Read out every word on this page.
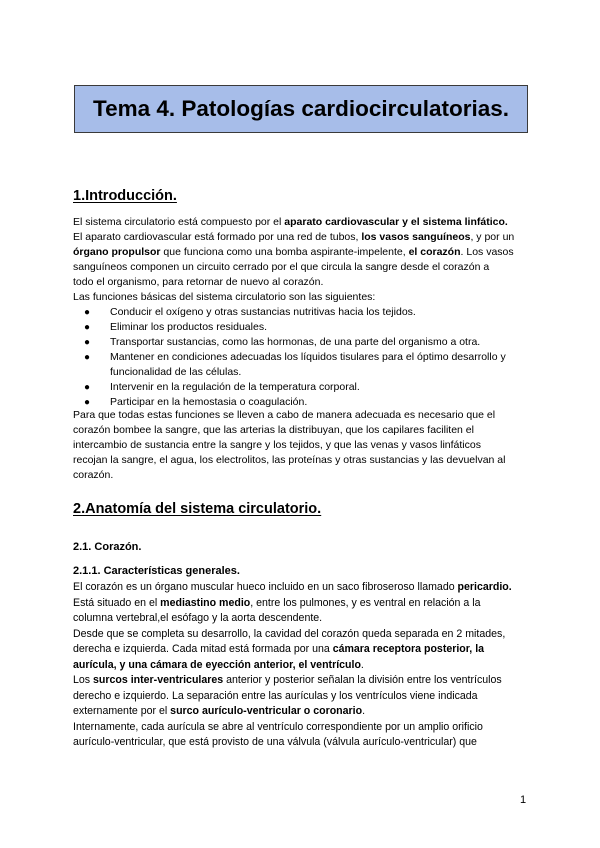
Tema 4. Patologías cardiocirculatorias.
1.Introducción.
El sistema circulatorio está compuesto por el aparato cardiovascular y el sistema linfático.
El aparato cardiovascular está formado por una red de tubos, los vasos sanguíneos, y por un
órgano propulsor que funciona como una bomba aspirante-impelente, el corazón. Los vasos
sanguíneos componen un circuito cerrado por el que circula la sangre desde el corazón a
todo el organismo, para retornar de nuevo al corazón.
Las funciones básicas del sistema circulatorio son las siguientes:
● Conducir el oxígeno y otras sustancias nutritivas hacia los tejidos.
● Eliminar los productos residuales.
● Transportar sustancias, como las hormonas, de una parte del organismo a otra.
● Mantener en condiciones adecuadas los líquidos tisulares para el óptimo desarrollo y
funcionalidad de las células.
● Intervenir en la regulación de la temperatura corporal.
● Participar en la hemostasia o coagulación.
Para que todas estas funciones se lleven a cabo de manera adecuada es necesario que el
corazón bombee la sangre, que las arterias la distribuyan, que los capilares faciliten el
intercambio de sustancia entre la sangre y los tejidos, y que las venas y vasos linfáticos
recojan la sangre, el agua, los electrolitos, las proteínas y otras sustancias y las devuelvan al
corazón.
2.Anatomía del sistema circulatorio.
2.1. Corazón.
2.1.1. Características generales.
El corazón es un órgano muscular hueco incluido en un saco fibroseroso llamado pericardio.
Está situado en el mediastino medio, entre los pulmones, y es ventral en relación a la
columna vertebral,el esófago y la aorta descendente.
Desde que se completa su desarrollo, la cavidad del corazón queda separada en 2 mitades,
derecha e izquierda. Cada mitad está formada por una cámara receptora posterior, la
aurícula, y una cámara de eyección anterior, el ventrículo.
Los surcos inter-ventriculares anterior y posterior señalan la división entre los ventrículos
derecho e izquierdo. La separación entre las aurículas y los ventrículos viene indicada
externamente por el surco aurículo-ventricular o coronario.
Internamente, cada aurícula se abre al ventrículo correspondiente por un amplio orificio
aurículo-ventricular, que está provisto de una válvula (válvula aurículo-ventricular) que
1
